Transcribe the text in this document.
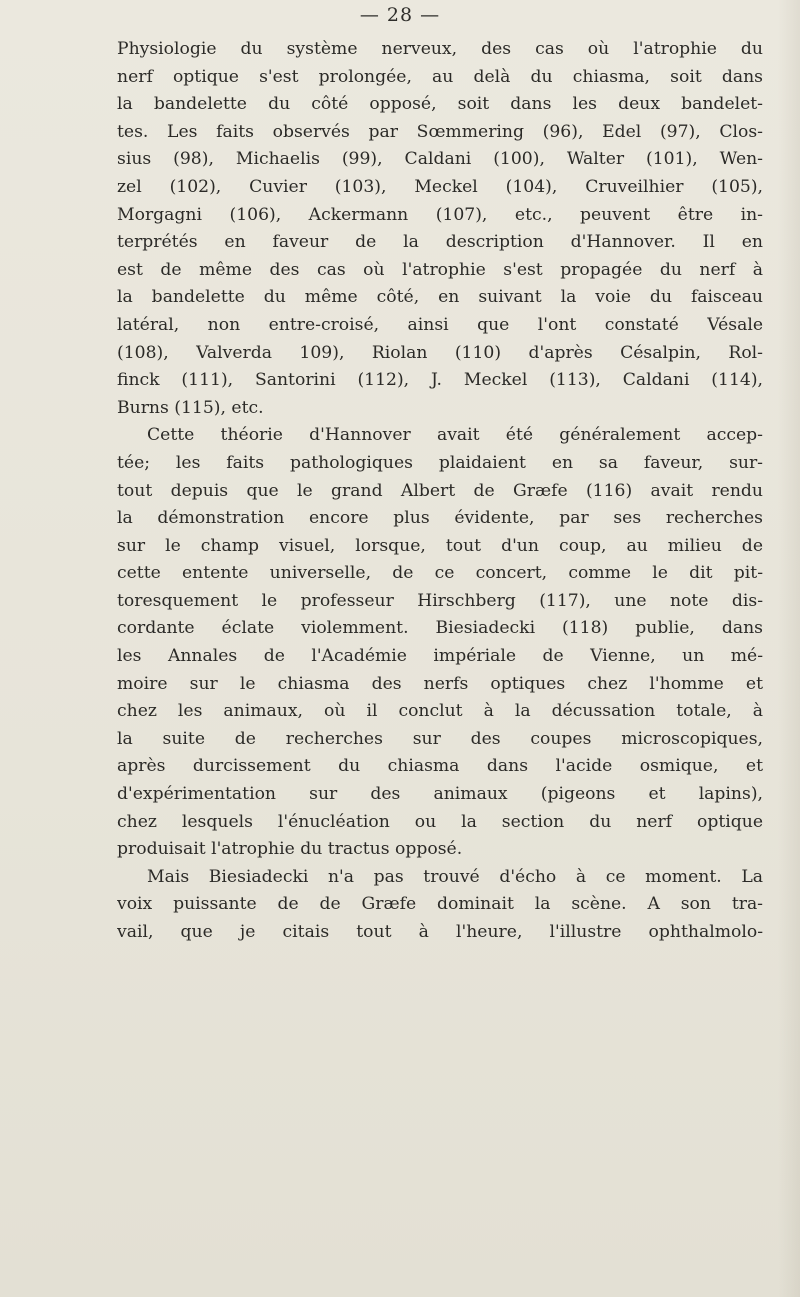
— 28 —
Physiologie du système nerveux, des cas où l'atrophie du
nerf optique s'est prolongée, au delà du chiasma, soit dans
la bandelette du côté opposé, soit dans les deux bandelet-
tes. Les faits observés par Sœmmering (96), Edel (97), Clos-
sius (98), Michaelis (99), Caldani (100), Walter (101), Wen-
zel (102), Cuvier (103), Meckel (104), Cruveilhier (105),
Morgagni (106), Ackermann (107), etc., peuvent être in-
terprétés en faveur de la description d'Hannover. Il en
est de même des cas où l'atrophie s'est propagée du nerf à
la bandelette du même côté, en suivant la voie du faisceau
latéral, non entre-croisé, ainsi que l'ont constaté Vésale
(108), Valverda 109), Riolan (110) d'après Césalpin, Rol-
finck (111), Santorini (112), J. Meckel (113), Caldani (114),
Burns (115), etc.
Cette théorie d'Hannover avait été généralement accep-
tée; les faits pathologiques plaidaient en sa faveur, sur-
tout depuis que le grand Albert de Græfe (116) avait rendu
la démonstration encore plus évidente, par ses recherches
sur le champ visuel, lorsque, tout d'un coup, au milieu de
cette entente universelle, de ce concert, comme le dit pit-
toresquement le professeur Hirschberg (117), une note dis-
cordante éclate violemment. Biesiadecki (118) publie, dans
les Annales de l'Académie impériale de Vienne, un mé-
moire sur le chiasma des nerfs optiques chez l'homme et
chez les animaux, où il conclut à la décussation totale, à
la suite de recherches sur des coupes microscopiques,
après durcissement du chiasma dans l'acide osmique, et
d'expérimentation sur des animaux (pigeons et lapins),
chez lesquels l'énucléation ou la section du nerf optique
produisait l'atrophie du tractus opposé.
Mais Biesiadecki n'a pas trouvé d'écho à ce moment. La
voix puissante de de Græfe dominait la scène. A son tra-
vail, que je citais tout à l'heure, l'illustre ophthalmolo-
